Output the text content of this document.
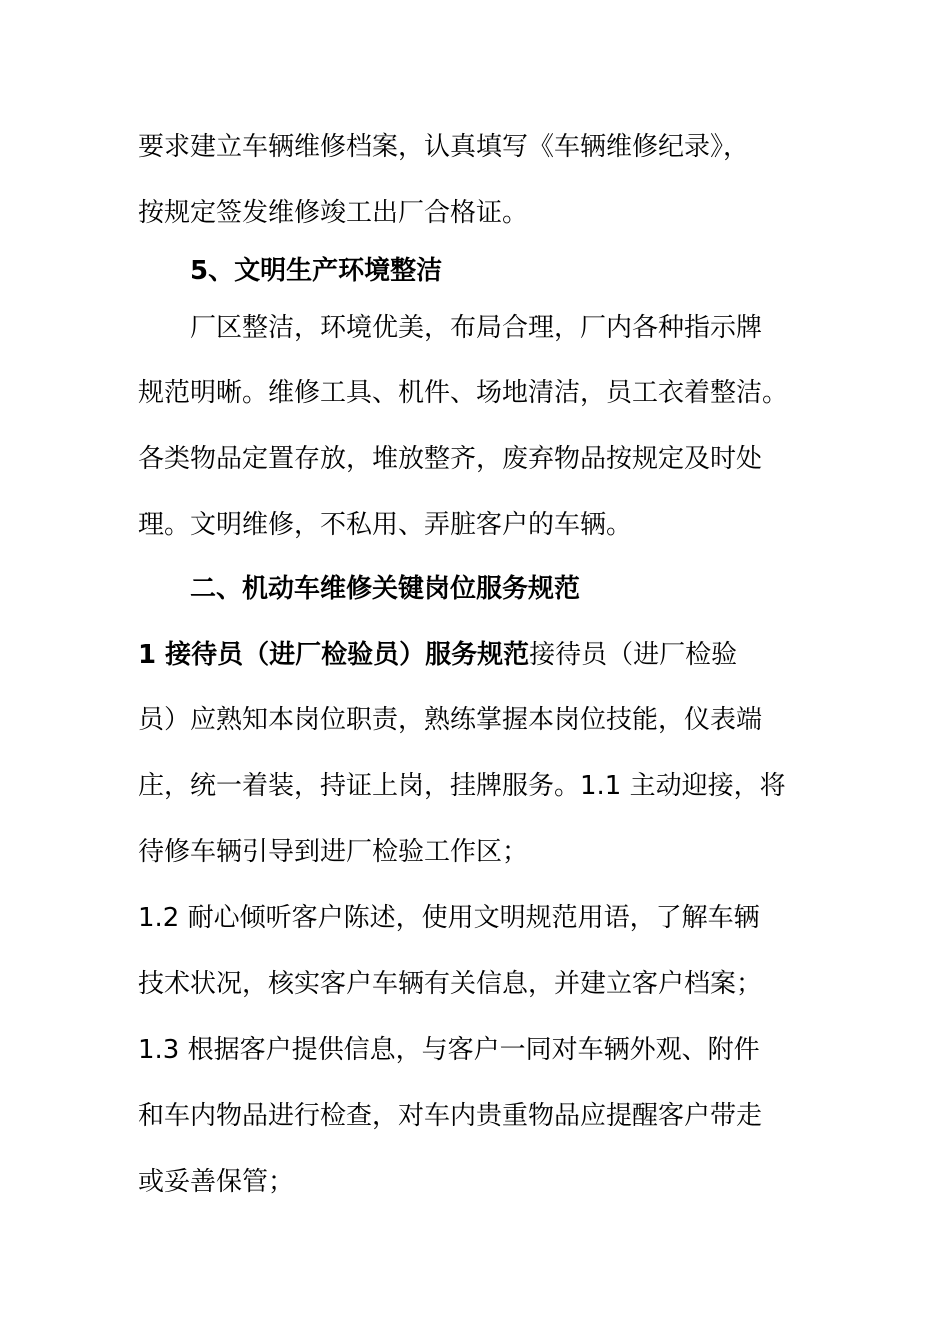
要求建立车辆维修档案，认真填写《车辆维修纪录》，

按规定签发维修竣工出厂合格证。

5、文明生产环境整洁

厂区整洁，环境优美，布局合理，厂内各种指示牌

规范明晰。维修工具、机件、场地清洁，员工衣着整洁。

各类物品定置存放，堆放整齐，废弃物品按规定及时处

理。文明维修，不私用、弄脏客户的车辆。

二、机动车维修关键岗位服务规范

1 接待员（进厂检验员）服务规范接待员（进厂检验

员）应熟知本岗位职责，熟练掌握本岗位技能，仪表端

庄，统一着装，持证上岗，挂牌服务。1.1 主动迎接，将

待修车辆引导到进厂检验工作区；

1.2 耐心倾听客户陈述，使用文明规范用语，了解车辆

技术状况，核实客户车辆有关信息，并建立客户档案；

1.3 根据客户提供信息，与客户一同对车辆外观、附件

和车内物品进行检查，对车内贵重物品应提醒客户带走

或妥善保管；
